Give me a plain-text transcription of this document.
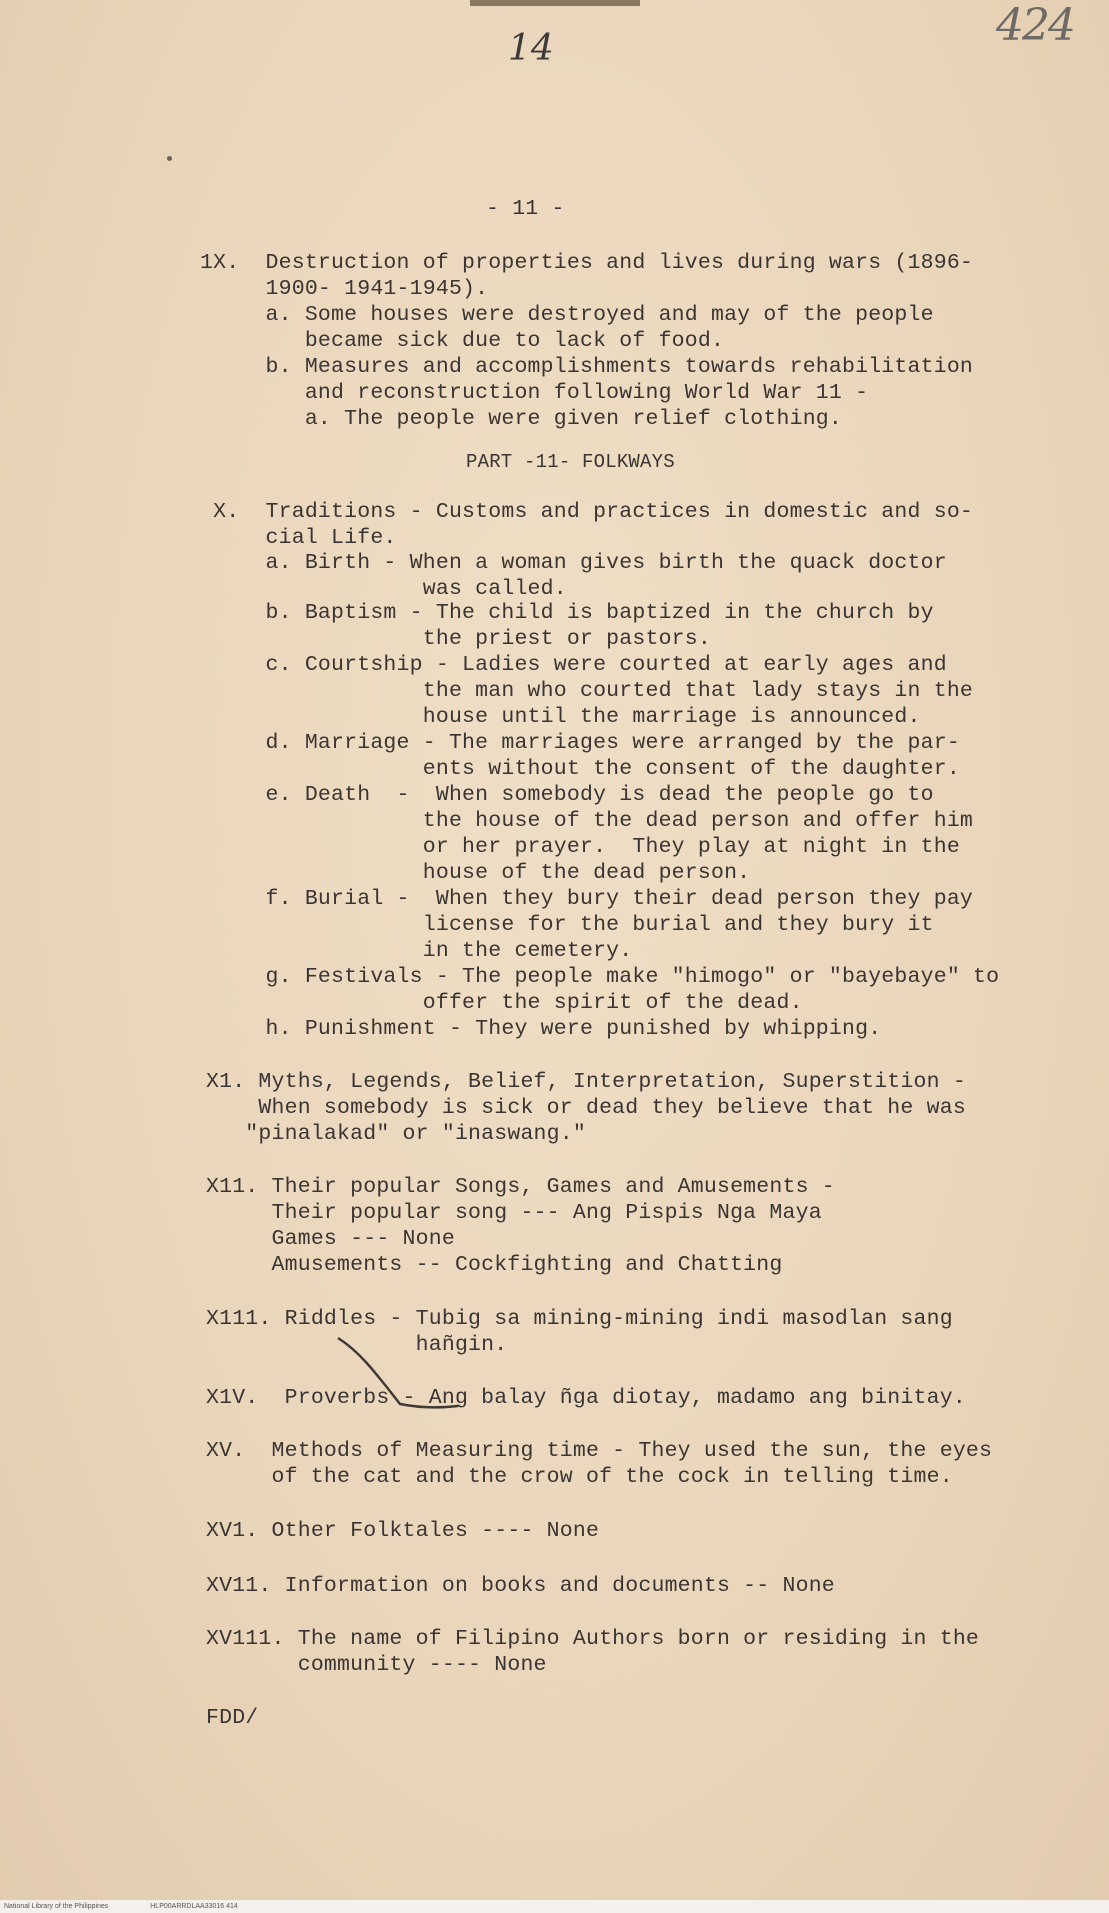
14	424
- 11 -
1X.  Destruction of properties and lives during wars (1896-
1900- 1941-1945).
a. Some houses were destroyed and may of the people
became sick due to lack of food.
b. Measures and accomplishments towards rehabilitation
and reconstruction following World War 11 -
a. The people were given relief clothing.
PART -11- FOLKWAYS
X.  Traditions - Customs and practices in domestic and so-
cial Life.
a. Birth - When a woman gives birth the quack doctor
was called.
b. Baptism - The child is baptized in the church by
the priest or pastors.
c. Courtship - Ladies were courted at early ages and
the man who courted that lady stays in the
house until the marriage is announced.
d. Marriage - The marriages were arranged by the par-
ents without the consent of the daughter.
e. Death  -  When somebody is dead the people go to
the house of the dead person and offer him
or her prayer.  They play at night in the
house of the dead person.
f. Burial -  When they bury their dead person they pay
license for the burial and they bury it
in the cemetery.
g. Festivals - The people make "himogo" or "bayebaye" to
offer the spirit of the dead.
h. Punishment - They were punished by whipping.
X1. Myths, Legends, Belief, Interpretation, Superstition -
When somebody is sick or dead they believe that he was
"pinalakad" or "inaswang."
X11. Their popular Songs, Games and Amusements -
Their popular song --- Ang Pispis Nga Maya
Games --- None
Amusements -- Cockfighting and Chatting
X111. Riddles - Tubig sa mining-mining indi masodlan sang
hañgin.
X1V.  Proverbs - Ang balay ñga diotay, madamo ang binitay.
XV.  Methods of Measuring time - They used the sun, the eyes
of the cat and the crow of the cock in telling time.
XV1. Other Folktales ---- None
XV11. Information on books and documents -- None
XV111. The name of Filipino Authors born or residing in the
community ---- None
FDD/
National Library of the Philippines	HLP00ARRDLAA33016 414
